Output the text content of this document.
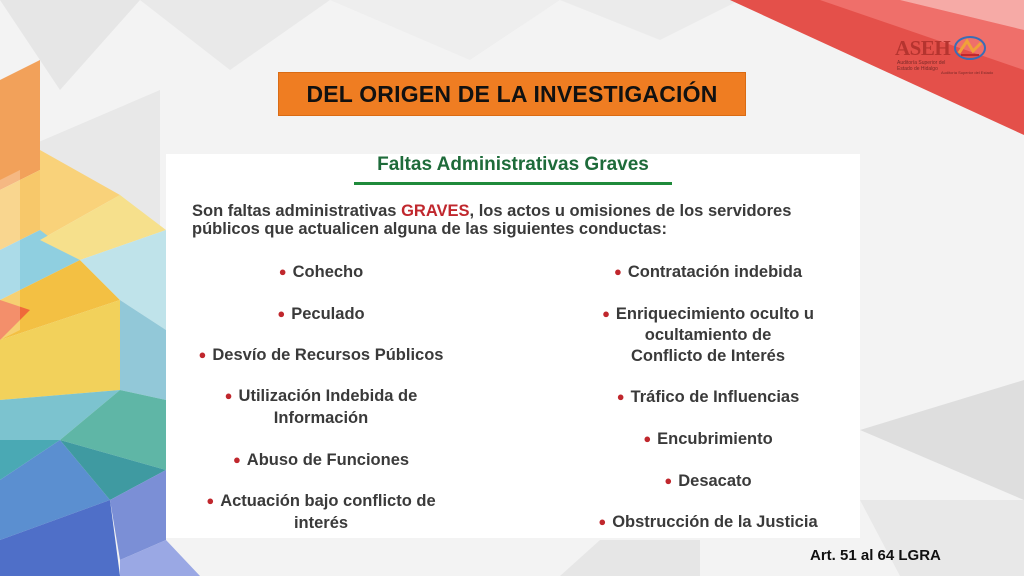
ASEH
Auditoría Superior del Estado de Hidalgo
Auditoría Superior del Estado
DEL ORIGEN DE LA INVESTIGACIÓN
Faltas Administrativas Graves
Son faltas administrativas GRAVES, los actos u omisiones de los servidores públicos que actualicen alguna de las siguientes conductas:
● Cohecho
● Peculado
● Desvío de Recursos Públicos
● Utilización Indebida de
Información
● Abuso de Funciones
● Actuación bajo conflicto de
interés
● Contratación indebida
● Enriquecimiento oculto u
ocultamiento de
Conflicto de Interés
● Tráfico de Influencias
● Encubrimiento
● Desacato
● Obstrucción de la Justicia
Art. 51 al 64 LGRA
